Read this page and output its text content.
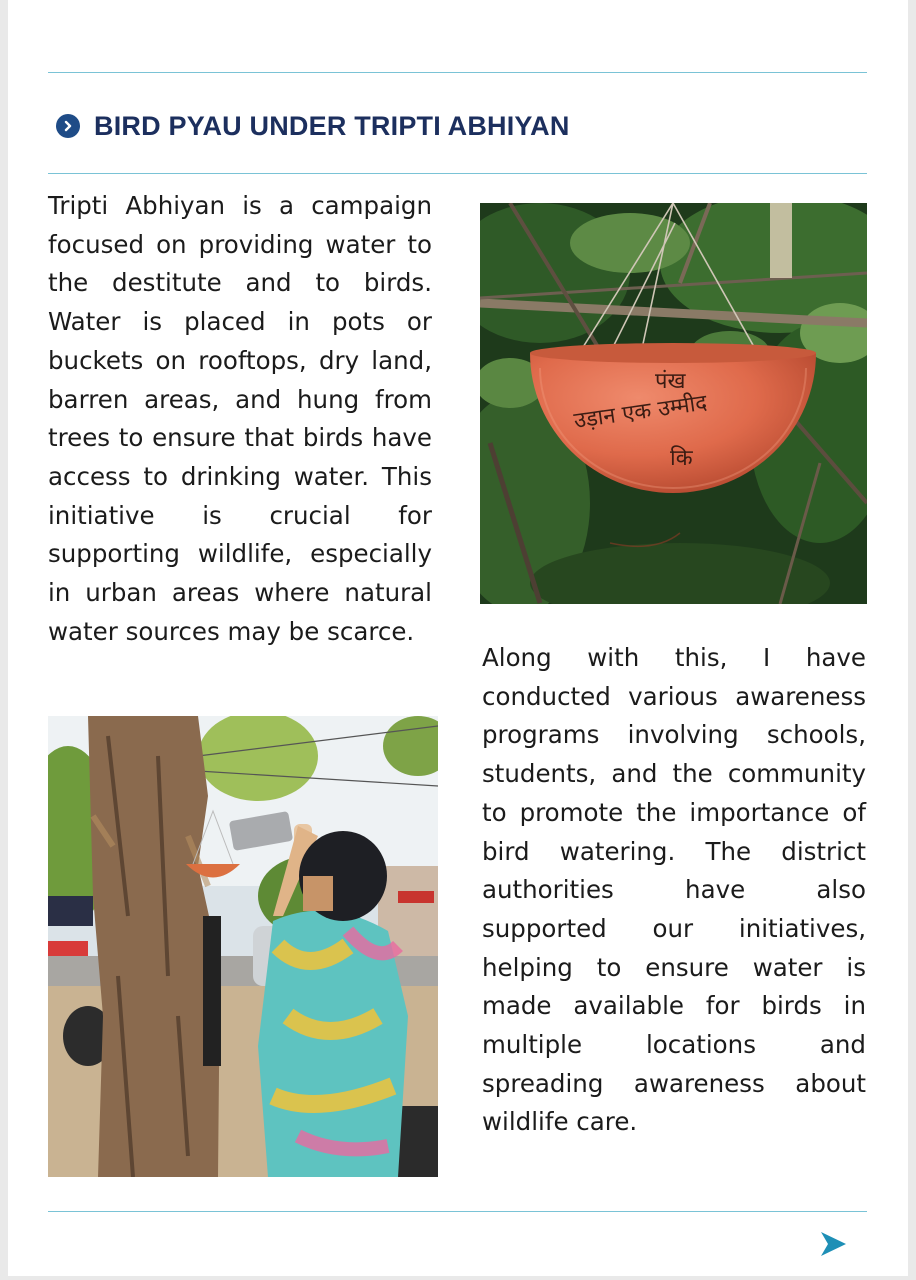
BIRD PYAU UNDER TRIPTI ABHIYAN

Tripti Abhiyan is a campaign focused on providing water to the destitute and to birds. Water is placed in pots or buckets on rooftops, dry land, barren areas, and hung from trees to ensure that birds have access to drinking water. This initiative is crucial for supporting wildlife, especially in urban areas where natural water sources may be scarce.

पंख
उड़ान एक उम्मीद
कि

Along with this, I have conducted various awareness programs involving schools, students, and the community to promote the importance of bird watering. The district authorities have also supported our initiatives, helping to ensure water is made available for birds in multiple locations and spreading awareness about wildlife care.
